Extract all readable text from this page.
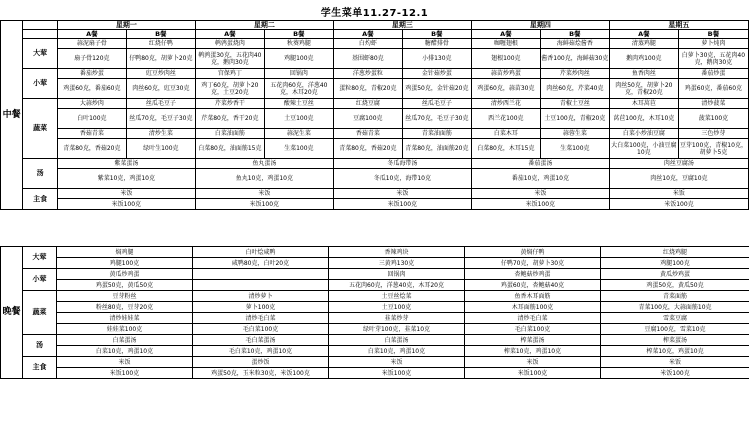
学生菜单11.27-12.1
中餐		星期一		星期二		星期三		星期四		星期五	
		A餐	B餐	A餐	B餐	A餐	B餐	A餐	B餐	A餐	B餐
	大荤	蒜泥扇子骨	红烧仔鸭	鹌鹑蛋烧肉	秋葵鸡腿	白灼虾	糖醋排骨	咖喱翅根	海鲜菇烩酱香	清蒸鸡腿	萝卜炖肉
		扇子骨120克	仔鸭80克，胡萝卜20克	鹌鹑蛋30克，五花肉40克，鹅肉30克	鸡腿100克	基围虾80克	小排130克	翅根100克	酱香100克，海鲜菇30克	鹅肉鸡100克	白萝卜30克，五花肉40克，鹅肉30克
	小荤	番茄炒蛋	豇豆炒肉丝	宫保鸡丁	回锅肉	洋葱炒蛋粒	金针菇炒蛋	蒜苗炒鸡蛋	芹菜炒肉丝	鱼香肉丝	番茄炒蛋
		鸡蛋60克，番茄60克	肉丝60克，豇豆30克	鸡丁60克，胡萝卜20克，土豆20克	五花肉60克，洋葱40克，木耳20克	蛋粒80克，青椒20克	鸡蛋50克，金针菇20克	鸡蛋60克，蒜苗30克	肉丝60克，芹菜40克	肉丝50克，胡萝卜20克，青椒20克	鸡蛋60克，番茄60克
	蔬菜	大蒜炒肉	丝瓜毛豆子	芹菜炒香干	酸辣土豆丝	红烧豆腐	丝瓜毛豆子	清炒西兰花	青椒土豆丝	木耳莴苣	清炒菠菜
		白叶100克	丝瓜70克，毛豆子30克	芹菜80克，香干20克	土豆100克	豆腐100克	丝瓜70克，毛豆子30克	西兰花100克	土豆100克，青椒20克	莴苣100克，木耳10克	菠菜100克
		香菇青菜	清炒生菜	白菜油面筋	蒜泥生菜	香菇青菜	青菜油面筋	白菜木耳	蒜蓉生菜	白菜小炒油豆腐	三色炒芽
		青菜80克，香菇20克	绿叶生100克	白菜80克，油面筋15克	生菜100克	青菜80克，香菇20克	青菜80克，油面筋20克	白菜80克，木耳15克	生菜100克	大白菜100克，小油豆腐10克	豆芽100克，青椒10克，胡萝卜5克
	汤	紫菜蛋汤		鱼丸蛋汤		冬瓜海带汤		番茄蛋汤		肉丝豆腐汤	
		紫菜10克，鸡蛋10克		鱼丸10克，鸡蛋10克		冬瓜10克，海带10克		番茄10克，鸡蛋10克		肉丝10克，豆腐10克	
	主食	米饭		米饭		米饭		米饭		米饭	
		米饭100克		米饭100克		米饭100克		米饭100克		米饭100克	
晚餐	大荤	焖鸡腿	白叶烩咸鸭	香辣鸡块	黄焖仔鸭	红烧鸡腿
		鸡腿100克	咸鸭80克，白叶20克	三黄鸡130克	仔鸭70克，胡萝卜30克	鸡腿100克
	小荤	黄瓜炒鸡蛋		回锅肉	杏鲍菇炒鸡蛋	黄瓜炒鸡蛋
		鸡蛋50克，黄瓜50克		五花肉60克，洋葱40克，木耳20克	鸡蛋60克，杏鲍菇40克	鸡蛋50克，黄瓜50克
	蔬菜	豆芽粉丝	清炒萝卜	土豆丝烩菜	鱼香木耳面筋	青菜面筋
		粉丝80克，豆芽20克	萝卜100克	土豆100克	木耳面筋100克	青菜100克，大蒜面筋10克
		清炒娃娃菜	清炒毛白菜	韭菜炒芽	清炒毛白菜	雪菜豆腐
		娃娃菜100克	毛白菜100克	绿叶芽100克，韭菜10克	毛白菜100克	豆腐100克，雪菜10克
	汤	白菜蛋汤	毛白菜蛋汤	白菜蛋汤	榨菜蛋汤	榨菜蛋汤
		白菜10克，鸡蛋10克	毛白菜10克，鸡蛋10克	白菜10克，鸡蛋10克	榨菜10克，鸡蛋10克	榨菜10克，鸡蛋10克
	主食	米饭	蛋炒饭	米饭	米饭	米饭
		米饭100克	鸡蛋50克，玉米粒30克，米饭100克	米饭100克	米饭100克	米饭100克
